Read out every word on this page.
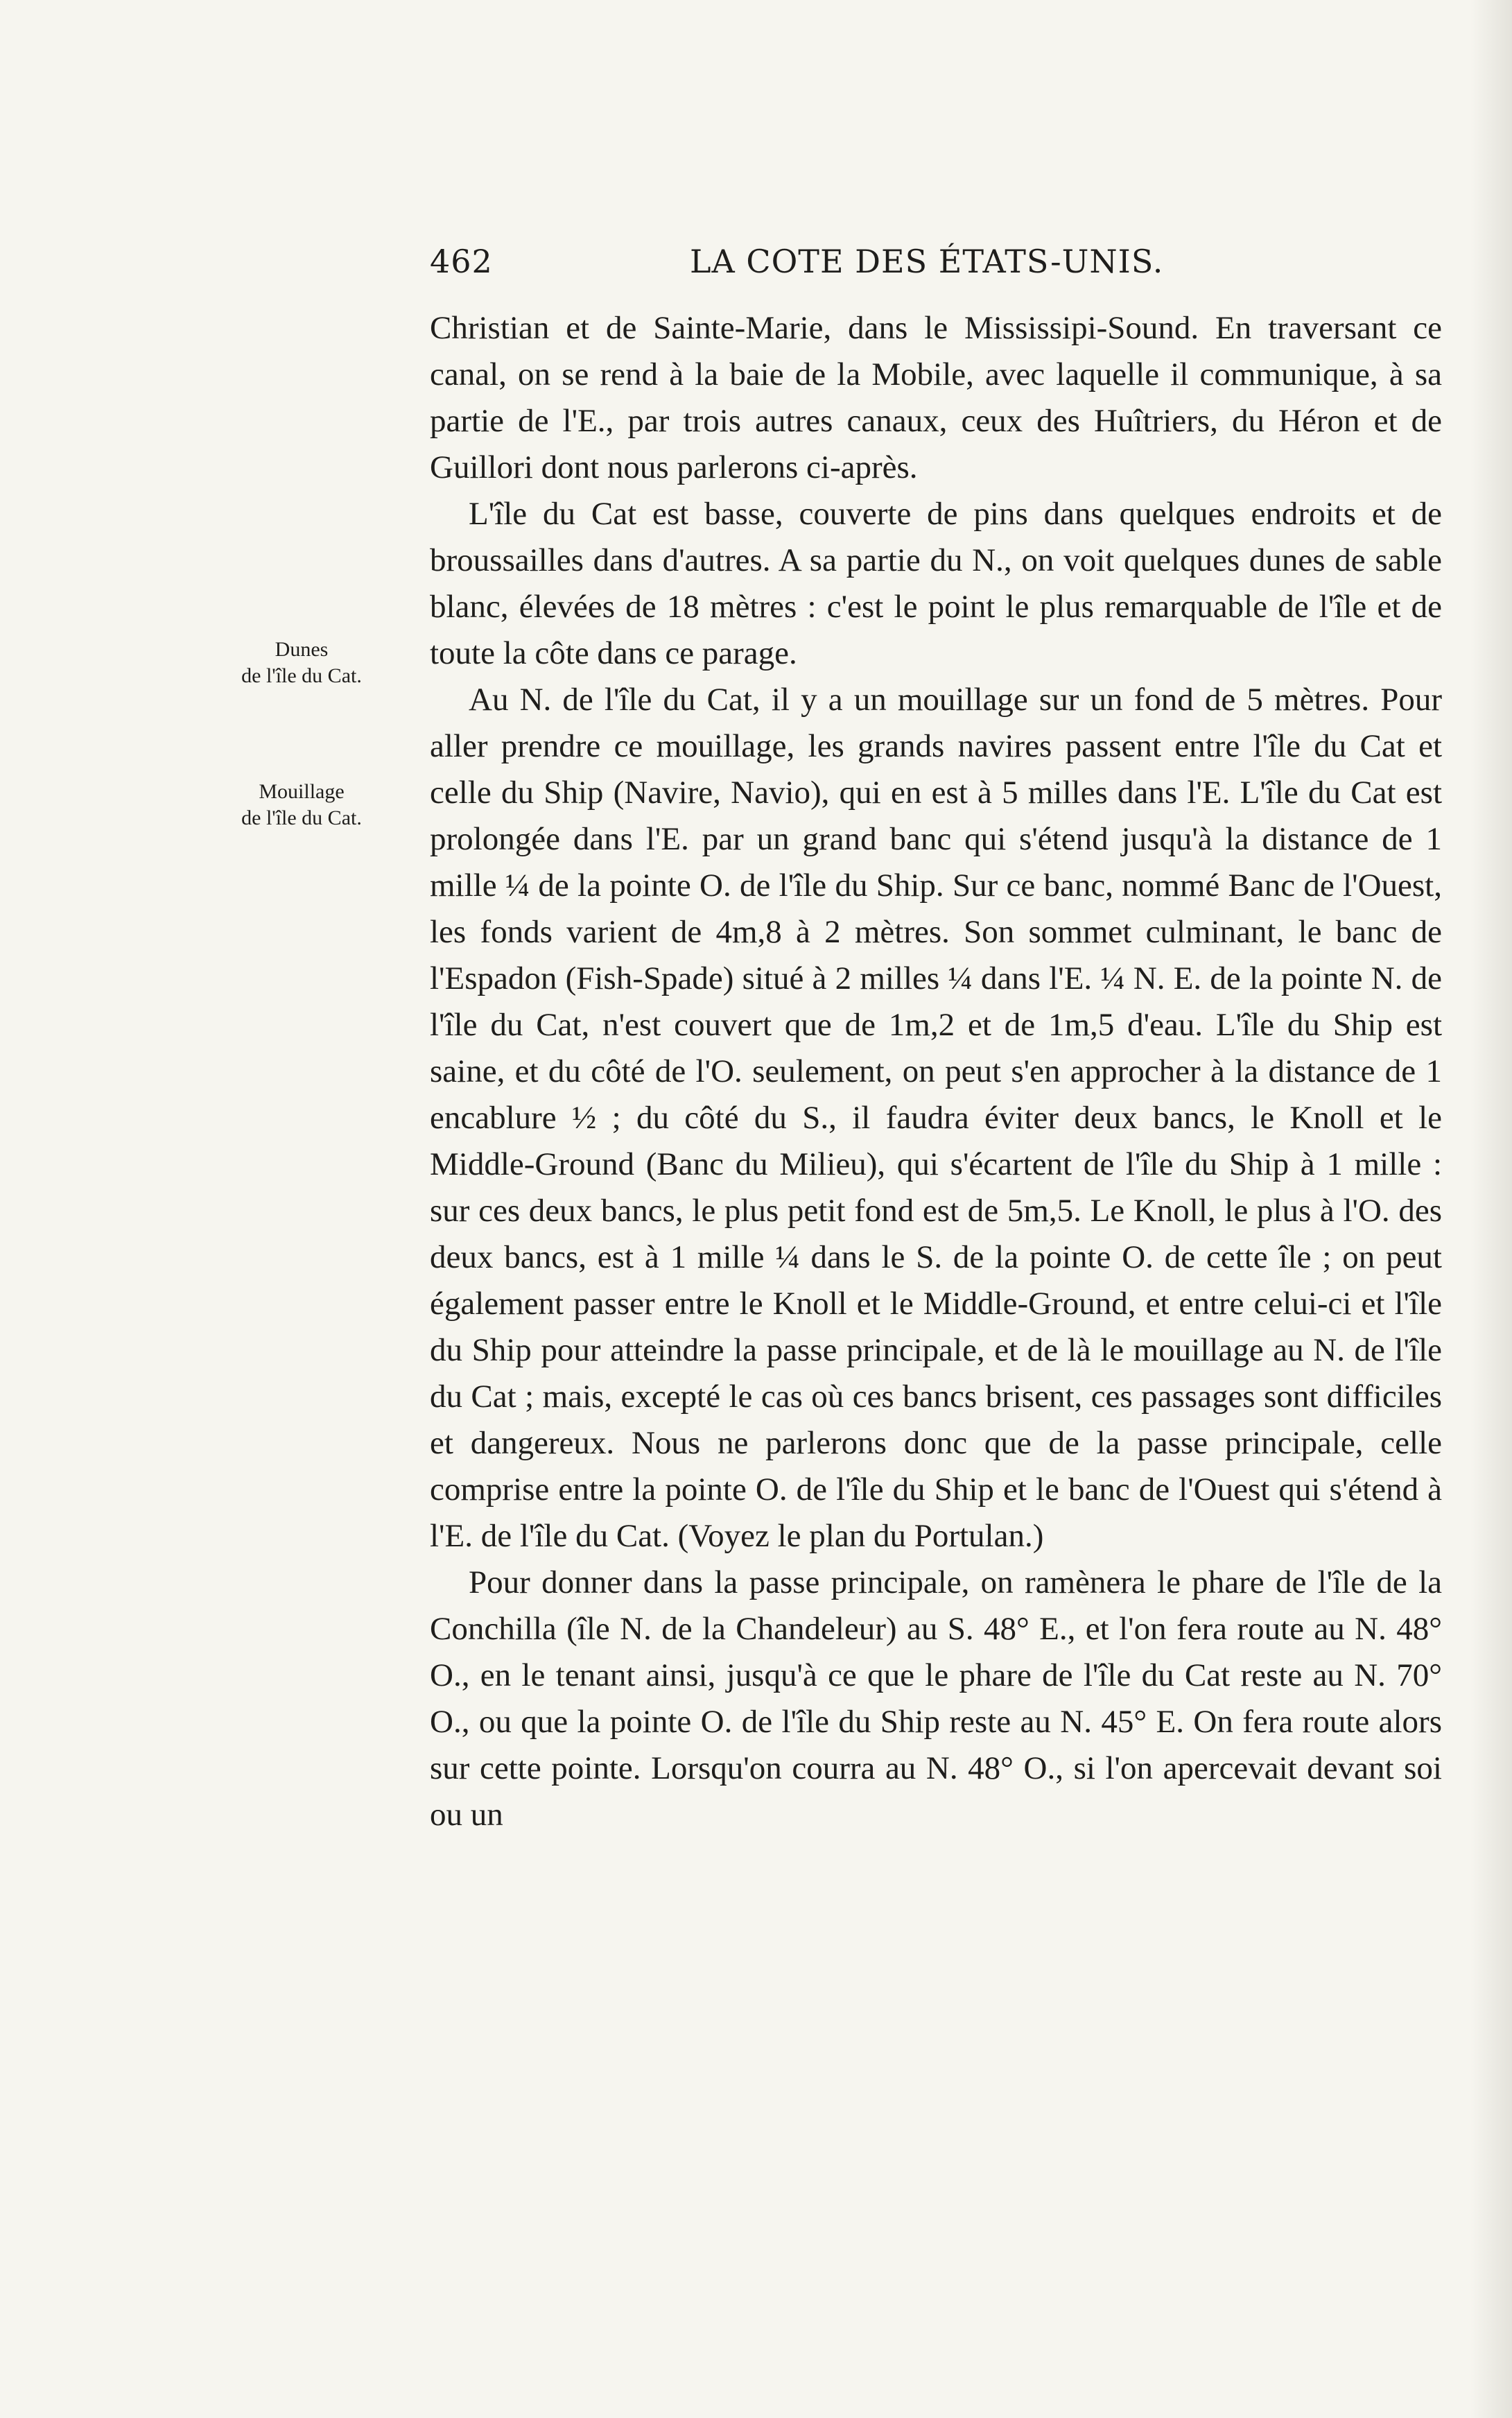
462	LA COTE DES ÉTATS-UNIS.
Dunes
de l'île du Cat.
Mouillage
de l'île du Cat.

Christian et de Sainte-Marie, dans le Mississipi-Sound. En traversant ce canal, on se rend à la baie de la Mobile, avec laquelle il communique, à sa partie de l'E., par trois autres canaux, ceux des Huîtriers, du Héron et de Guillori dont nous parlerons ci-après.

L'île du Cat est basse, couverte de pins dans quelques endroits et de broussailles dans d'autres. A sa partie du N., on voit quelques dunes de sable blanc, élevées de 18 mètres : c'est le point le plus remarquable de l'île et de toute la côte dans ce parage.

Au N. de l'île du Cat, il y a un mouillage sur un fond de 5 mètres. Pour aller prendre ce mouillage, les grands navires passent entre l'île du Cat et celle du Ship (Navire, Navio), qui en est à 5 milles dans l'E. L'île du Cat est prolongée dans l'E. par un grand banc qui s'étend jusqu'à la distance de 1 mille ¼ de la pointe O. de l'île du Ship. Sur ce banc, nommé Banc de l'Ouest, les fonds varient de 4m,8 à 2 mètres. Son sommet culminant, le banc de l'Espadon (Fish-Spade) situé à 2 milles ¼ dans l'E. ¼ N. E. de la pointe N. de l'île du Cat, n'est couvert que de 1m,2 et de 1m,5 d'eau. L'île du Ship est saine, et du côté de l'O. seulement, on peut s'en approcher à la distance de 1 encablure ½ ; du côté du S., il faudra éviter deux bancs, le Knoll et le Middle-Ground (Banc du Milieu), qui s'écartent de l'île du Ship à 1 mille : sur ces deux bancs, le plus petit fond est de 5m,5. Le Knoll, le plus à l'O. des deux bancs, est à 1 mille ¼ dans le S. de la pointe O. de cette île ; on peut également passer entre le Knoll et le Middle-Ground, et entre celui-ci et l'île du Ship pour atteindre la passe principale, et de là le mouillage au N. de l'île du Cat ; mais, excepté le cas où ces bancs brisent, ces passages sont difficiles et dangereux. Nous ne parlerons donc que de la passe principale, celle comprise entre la pointe O. de l'île du Ship et le banc de l'Ouest qui s'étend à l'E. de l'île du Cat. (Voyez le plan du Portulan.)

Pour donner dans la passe principale, on ramènera le phare de l'île de la Conchilla (île N. de la Chandeleur) au S. 48° E., et l'on fera route au N. 48° O., en le tenant ainsi, jusqu'à ce que le phare de l'île du Cat reste au N. 70° O., ou que la pointe O. de l'île du Ship reste au N. 45° E. On fera route alors sur cette pointe. Lorsqu'on courra au N. 48° O., si l'on apercevait devant soi ou un
